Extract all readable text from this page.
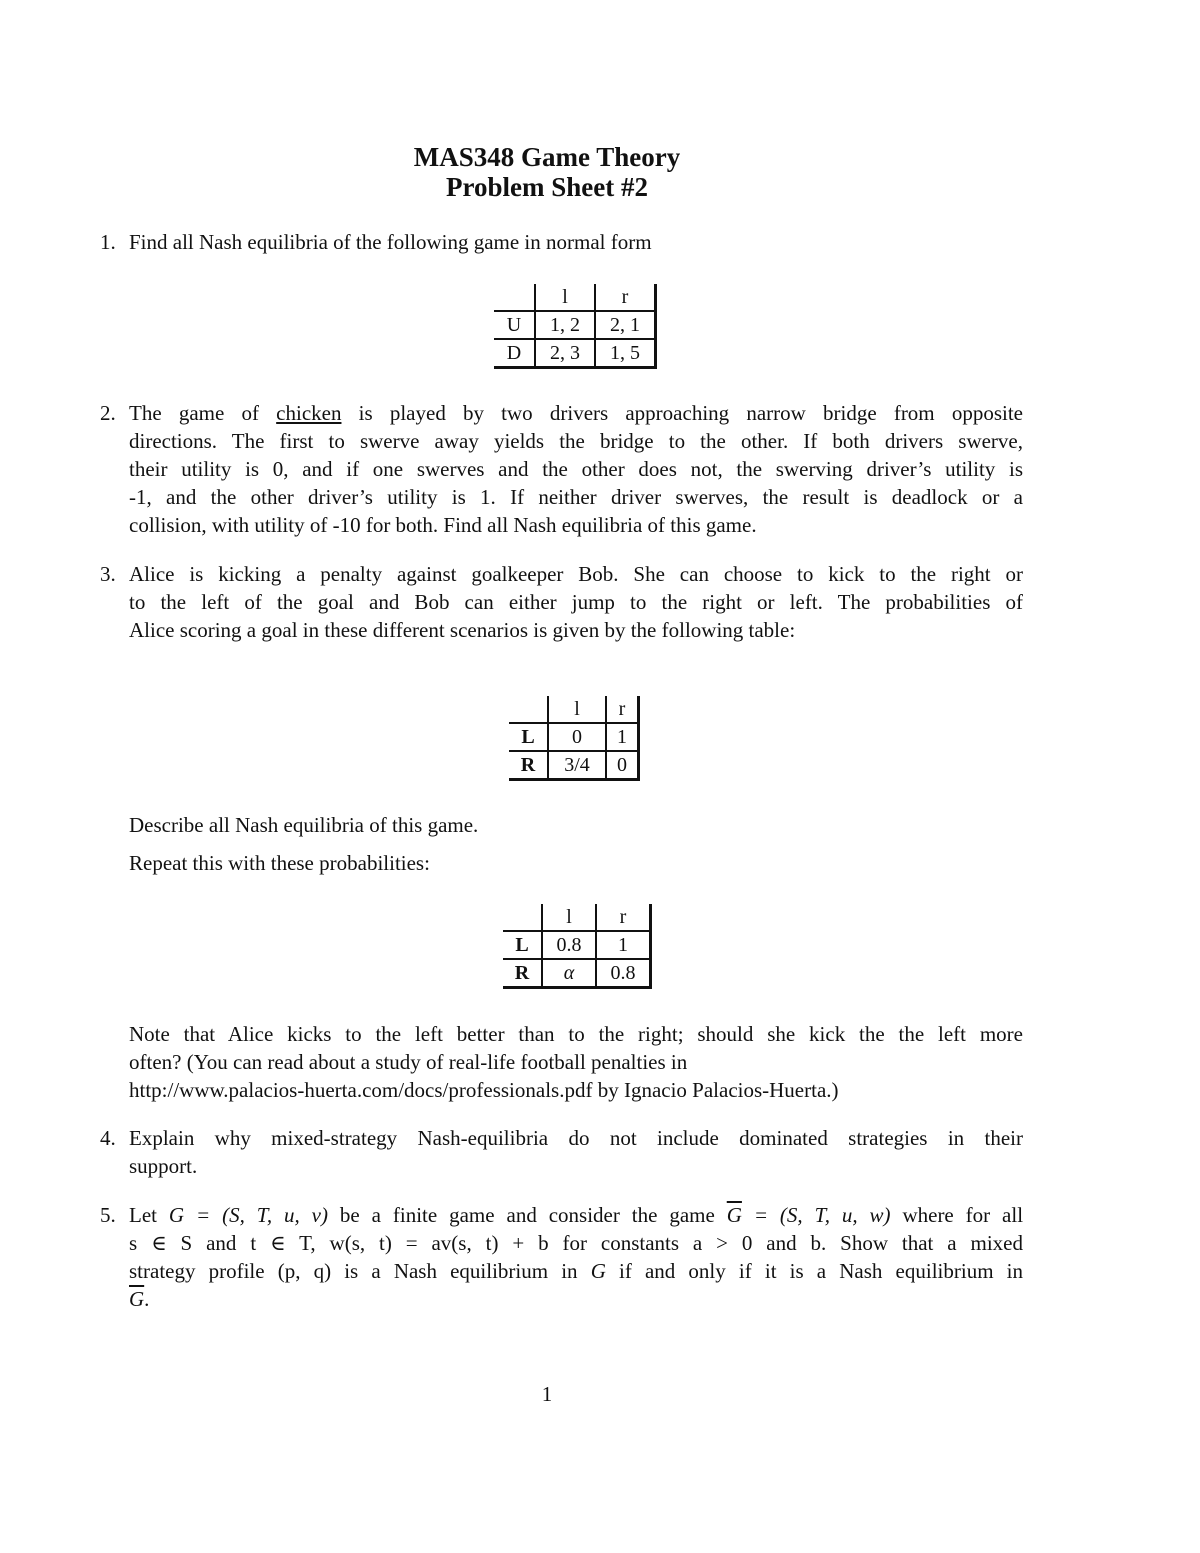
MAS348 Game Theory
Problem Sheet #2
1. Find all Nash equilibria of the following game in normal form
	l	r
U	1, 2	2, 1
D	2, 3	1, 5
2. The game of chicken is played by two drivers approaching narrow bridge from opposite
directions. The first to swerve away yields the bridge to the other. If both drivers swerve,
their utility is 0, and if one swerves and the other does not, the swerving driver’s utility is
-1, and the other driver’s utility is 1. If neither driver swerves, the result is deadlock or a
collision, with utility of -10 for both. Find all Nash equilibria of this game.
3. Alice is kicking a penalty against goalkeeper Bob. She can choose to kick to the right or
to the left of the goal and Bob can either jump to the right or left. The probabilities of
Alice scoring a goal in these different scenarios is given by the following table:
	l	r
L	0	1
R	3/4	0
Describe all Nash equilibria of this game.
Repeat this with these probabilities:
	l	r
L	0.8	1
R	α	0.8
Note that Alice kicks to the left better than to the right; should she kick the the left more
often? (You can read about a study of real-life football penalties in
http://www.palacios-huerta.com/docs/professionals.pdf by Ignacio Palacios-Huerta.)
4. Explain why mixed-strategy Nash-equilibria do not include dominated strategies in their
support.
5. Let G = (S, T, u, v) be a finite game and consider the game $\overline{G} = (S$, T, u, w) where for all
s ∈ S and t ∈ T, w(s, t) = av(s, t) + b for constants a > 0 and b. Show that a mixed
strategy profile (p, q) is a Nash equilibrium in G if and only if it is a Nash equilibrium in
$\overline{G}$.
1
